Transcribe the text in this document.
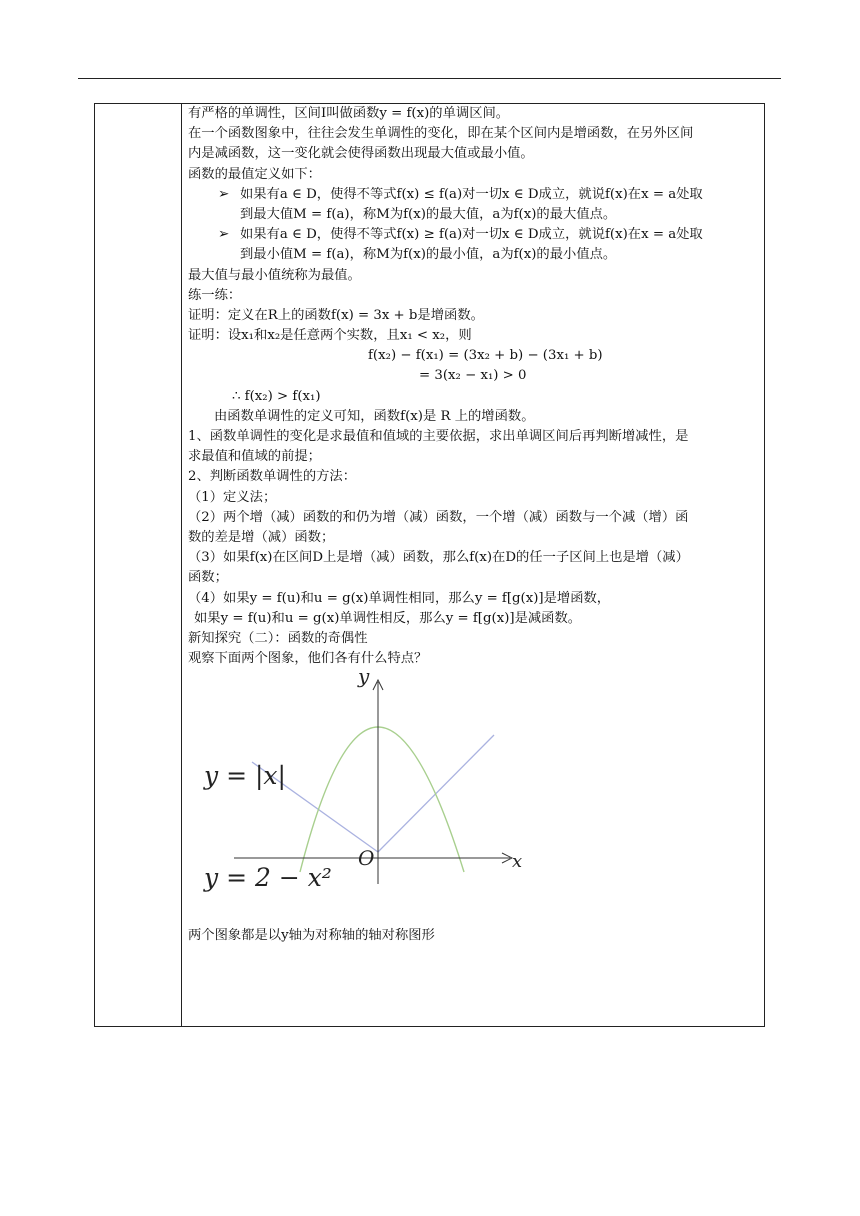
有严格的单调性，区间I叫做函数y = f(x)的单调区间。
在一个函数图象中，往往会发生单调性的变化，即在某个区间内是增函数，在另外区间
内是减函数，这一变化就会使得函数出现最大值或最小值。
函数的最值定义如下：
➢ 如果有a ∈ D，使得不等式f(x) ≤ f(a)对一切x ∈ D成立，就说f(x)在x = a处取
到最大值M = f(a)，称M为f(x)的最大值，a为f(x)的最大值点。
➢ 如果有a ∈ D，使得不等式f(x) ≥ f(a)对一切x ∈ D成立，就说f(x)在x = a处取
到最小值M = f(a)，称M为f(x)的最小值，a为f(x)的最小值点。
最大值与最小值统称为最值。
练一练：
证明：定义在R上的函数f(x) = 3x + b是增函数。
证明：设x₁和x₂是任意两个实数，且x₁ < x₂，则
f(x₂) − f(x₁) = (3x₂ + b) − (3x₁ + b)
= 3(x₂ − x₁) > 0
∴ f(x₂) > f(x₁)
由函数单调性的定义可知，函数f(x)是 R 上的增函数。
1、函数单调性的变化是求最值和值域的主要依据，求出单调区间后再判断增减性，是
求最值和值域的前提；
2、判断函数单调性的方法：
（1）定义法；
（2）两个增（减）函数的和仍为增（减）函数，一个增（减）函数与一个减（增）函
数的差是增（减）函数；
（3）如果f(x)在区间D上是增（减）函数，那么f(x)在D的任一子区间上也是增（减）
函数；
（4）如果y = f(u)和u = g(x)单调性相同，那么y = f[g(x)]是增函数，
如果y = f(u)和u = g(x)单调性相反，那么y = f[g(x)]是减函数。
新知探究（二）：函数的奇偶性
观察下面两个图象，他们各有什么特点？
y = |x|
y = 2 − x²
x
y
O
两个图象都是以y轴为对称轴的轴对称图形
